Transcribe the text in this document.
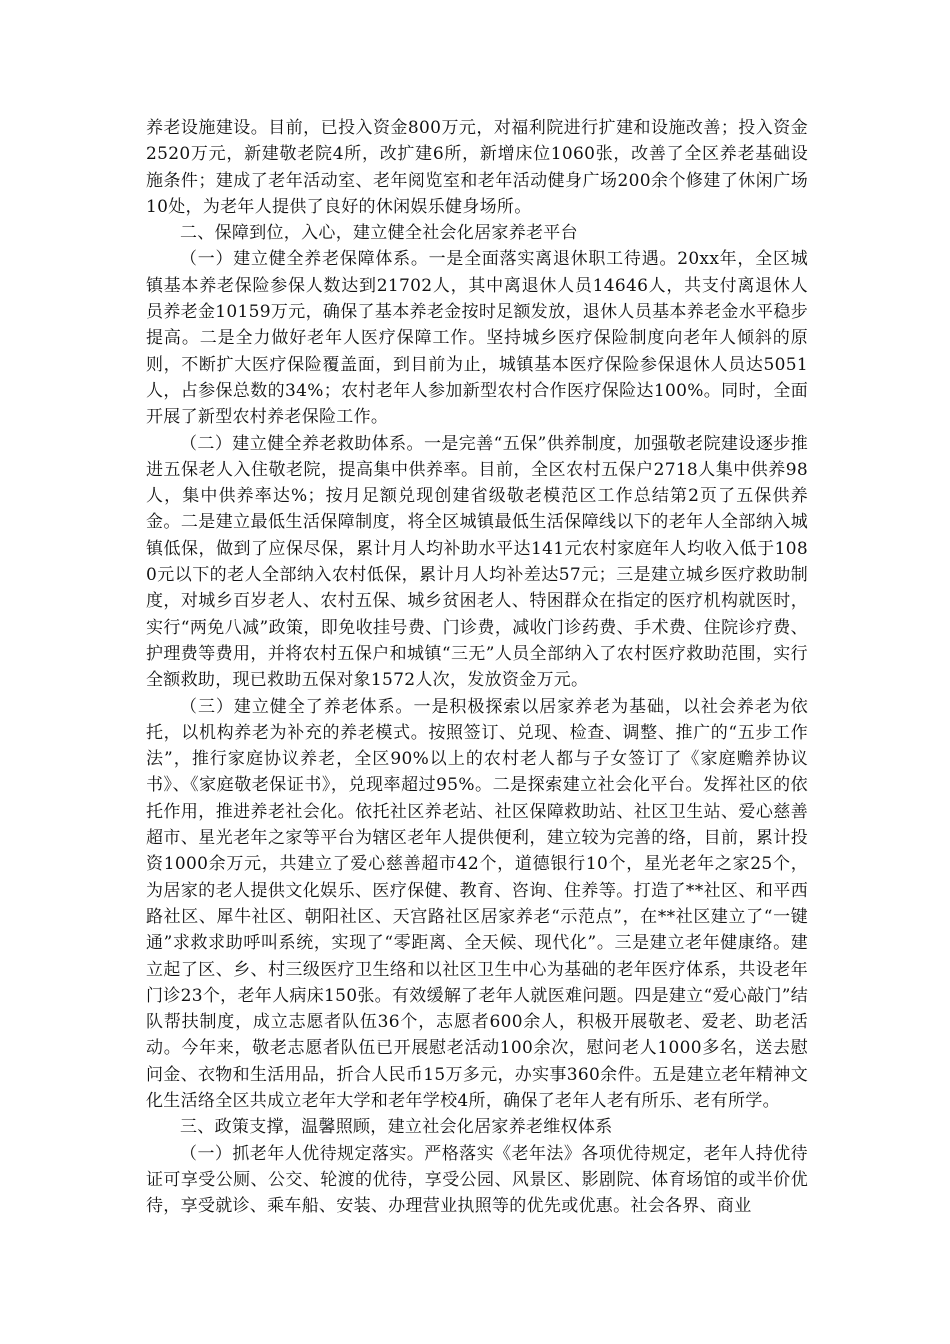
养老设施建设。目前，已投入资金800万元，对福利院进行扩建和设施改善；投入资金2520万元，新建敬老院4所，改扩建6所，新增床位1060张，改善了全区养老基础设施条件；建成了老年活动室、老年阅览室和老年活动健身广场200余个修建了休闲广场10处，为老年人提供了良好的休闲娱乐健身场所。

二、保障到位，入心，建立健全社会化居家养老平台

（一）建立健全养老保障体系。一是全面落实离退休职工待遇。20xx年，全区城镇基本养老保险参保人数达到21702人，其中离退休人员14646人，共支付离退休人员养老金10159万元，确保了基本养老金按时足额发放，退休人员基本养老金水平稳步提高。二是全力做好老年人医疗保障工作。坚持城乡医疗保险制度向老年人倾斜的原则，不断扩大医疗保险覆盖面，到目前为止，城镇基本医疗保险参保退休人员达5051人，占参保总数的34%；农村老年人参加新型农村合作医疗保险达100%。同时，全面开展了新型农村养老保险工作。

（二）建立健全养老救助体系。一是完善“五保”供养制度，加强敬老院建设逐步推进五保老人入住敬老院，提高集中供养率。目前，全区农村五保户2718人集中供养98人，集中供养率达%；按月足额兑现创建省级敬老模范区工作总结第2页了五保供养金。二是建立最低生活保障制度，将全区城镇最低生活保障线以下的老年人全部纳入城镇低保，做到了应保尽保，累计月人均补助水平达141元农村家庭年人均收入低于1080元以下的老人全部纳入农村低保，累计月人均补差达57元；三是建立城乡医疗救助制度，对城乡百岁老人、农村五保、城乡贫困老人、特困群众在指定的医疗机构就医时，实行“两免八减”政策，即免收挂号费、门诊费，减收门诊药费、手术费、住院诊疗费、护理费等费用，并将农村五保户和城镇“三无”人员全部纳入了农村医疗救助范围，实行全额救助，现已救助五保对象1572人次，发放资金万元。

（三）建立健全了养老体系。一是积极探索以居家养老为基础，以社会养老为依托，以机构养老为补充的养老模式。按照签订、兑现、检查、调整、推广的“五步工作法”，推行家庭协议养老，全区90%以上的农村老人都与子女签订了《家庭赡养协议书》、《家庭敬老保证书》，兑现率超过95%。二是探索建立社会化平台。发挥社区的依托作用，推进养老社会化。依托社区养老站、社区保障救助站、社区卫生站、爱心慈善超市、星光老年之家等平台为辖区老年人提供便利，建立较为完善的络，目前，累计投资1000余万元，共建立了爱心慈善超市42个，道德银行10个，星光老年之家25个，为居家的老人提供文化娱乐、医疗保健、教育、咨询、住养等。打造了**社区、和平西路社区、犀牛社区、朝阳社区、天宫路社区居家养老“示范点”，在**社区建立了“一键通”求救求助呼叫系统，实现了“零距离、全天候、现代化”。三是建立老年健康络。建立起了区、乡、村三级医疗卫生络和以社区卫生中心为基础的老年医疗体系，共设老年门诊23个，老年人病床150张。有效缓解了老年人就医难问题。四是建立“爱心敲门”结队帮扶制度，成立志愿者队伍36个，志愿者600余人，积极开展敬老、爱老、助老活动。今年来，敬老志愿者队伍已开展慰老活动100余次，慰问老人1000多名，送去慰问金、衣物和生活用品，折合人民币15万多元，办实事360余件。五是建立老年精神文化生活络全区共成立老年大学和老年学校4所，确保了老年人老有所乐、老有所学。

三、政策支撑，温馨照顾，建立社会化居家养老维权体系

（一）抓老年人优待规定落实。严格落实《老年法》各项优待规定，老年人持优待证可享受公厕、公交、轮渡的优待，享受公园、风景区、影剧院、体育场馆的或半价优待，享受就诊、乘车船、安装、办理营业执照等的优先或优惠。社会各界、商业
